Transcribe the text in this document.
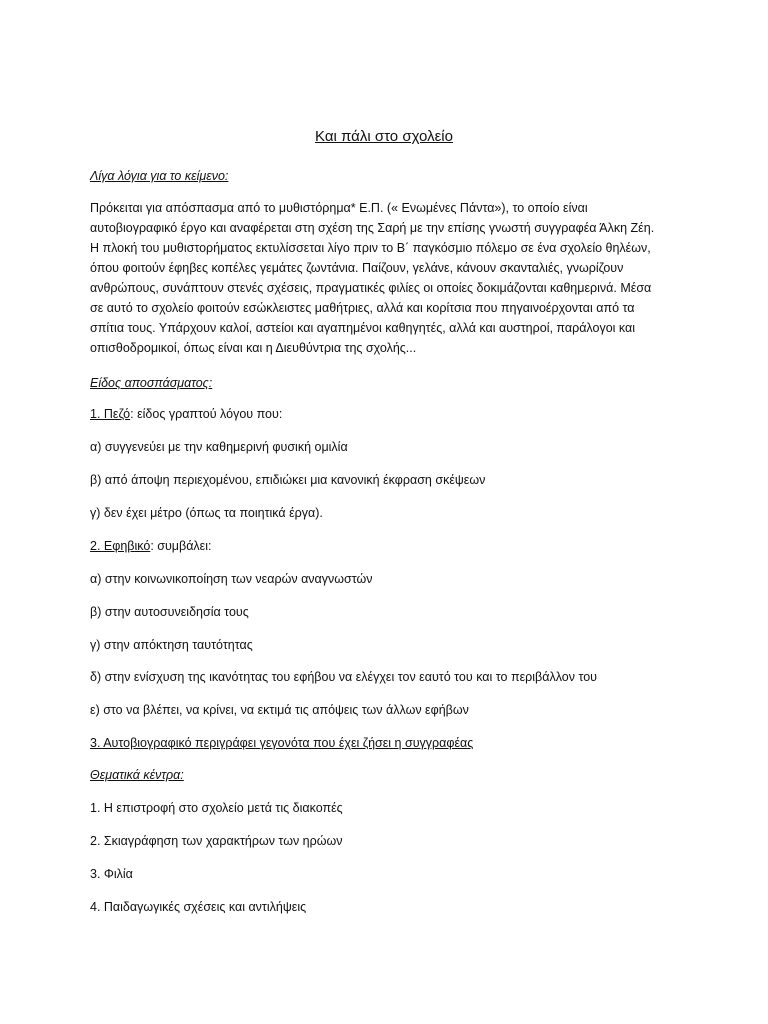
Και πάλι στο σχολείο

Λίγα λόγια για το κείμενο:

Πρόκειται για απόσπασμα από το μυθιστόρημα* Ε.Π. (« Ενωμένες Πάντα»), το οποίο είναι
αυτοβιογραφικό έργο και αναφέρεται στη σχέση της Σαρή με την επίσης γνωστή συγγραφέα Άλκη Ζέη.
Η πλοκή του μυθιστορήματος εκτυλίσσεται λίγο πριν το Β΄ παγκόσμιο πόλεμο σε ένα σχολείο θηλέων,
όπου φοιτούν έφηβες κοπέλες γεμάτες ζωντάνια. Παίζουν, γελάνε, κάνουν σκανταλιές, γνωρίζουν
ανθρώπους, συνάπτουν στενές σχέσεις, πραγματικές φιλίες οι οποίες δοκιμάζονται καθημερινά. Μέσα
σε αυτό το σχολείο φοιτούν εσώκλειστες μαθήτριες, αλλά και κορίτσια που πηγαινοέρχονται από τα
σπίτια τους. Υπάρχουν καλοί, αστείοι και αγαπημένοι καθηγητές, αλλά και αυστηροί, παράλογοι και
οπισθοδρομικοί, όπως είναι και η Διευθύντρια της σχολής...

Είδος αποσπάσματος:

1. Πεζό: είδος γραπτού λόγου που:

α) συγγενεύει με την καθημερινή φυσική ομιλία

β) από άποψη περιεχομένου, επιδιώκει μια κανονική έκφραση σκέψεων

γ) δεν έχει μέτρο (όπως τα ποιητικά έργα).

2. Εφηβικό: συμβάλει:

α) στην κοινωνικοποίηση των νεαρών αναγνωστών

β) στην αυτοσυνειδησία τους

γ) στην απόκτηση ταυτότητας

δ) στην ενίσχυση της ικανότητας του εφήβου να ελέγχει τον εαυτό του και το περιβάλλον του

ε) στο να βλέπει, να κρίνει, να εκτιμά τις απόψεις των άλλων εφήβων

3. Αυτοβιογραφικό περιγράφει γεγονότα που έχει ζήσει η συγγραφέας

Θεματικά κέντρα:

1. Η επιστροφή στο σχολείο μετά τις διακοπές

2. Σκιαγράφηση των χαρακτήρων των ηρώων

3. Φιλία

4. Παιδαγωγικές σχέσεις και αντιλήψεις
